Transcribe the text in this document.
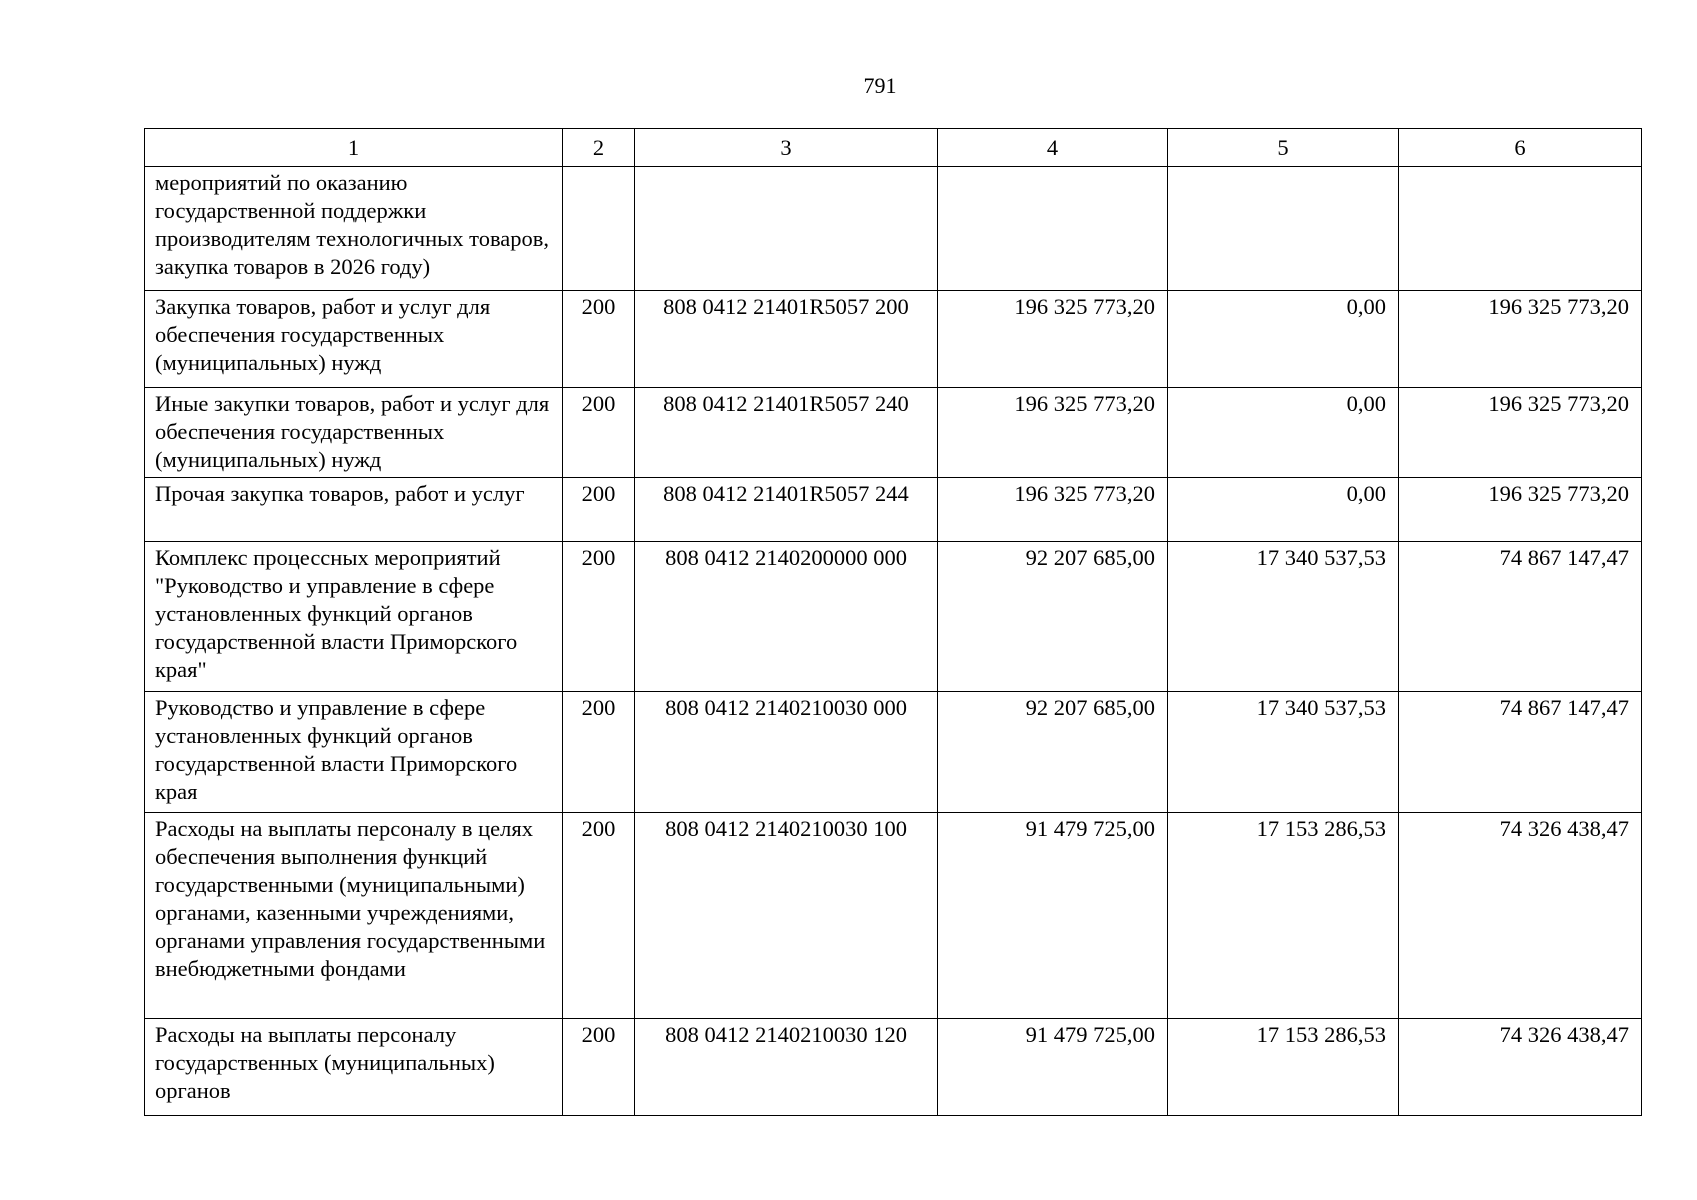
791
1	2	3	4	5	6
мероприятий по оказанию государственной поддержки производителям технологичных товаров, закупка товаров в 2026 году)					
Закупка товаров, работ и услуг для обеспечения государственных (муниципальных) нужд	200	808 0412 21401R5057 200	196 325 773,20	0,00	196 325 773,20
Иные закупки товаров, работ и услуг для обеспечения государственных (муниципальных) нужд	200	808 0412 21401R5057 240	196 325 773,20	0,00	196 325 773,20
Прочая закупка товаров, работ и услуг	200	808 0412 21401R5057 244	196 325 773,20	0,00	196 325 773,20
Комплекс процессных мероприятий "Руководство и управление в сфере установленных функций органов государственной власти Приморского края"	200	808 0412 2140200000 000	92 207 685,00	17 340 537,53	74 867 147,47
Руководство и управление в сфере установленных функций органов государственной власти Приморского края	200	808 0412 2140210030 000	92 207 685,00	17 340 537,53	74 867 147,47
Расходы на выплаты персоналу в целях обеспечения выполнения функций государственными (муниципальными) органами, казенными учреждениями, органами управления государственными внебюджетными фондами	200	808 0412 2140210030 100	91 479 725,00	17 153 286,53	74 326 438,47
Расходы на выплаты персоналу государственных (муниципальных) органов	200	808 0412 2140210030 120	91 479 725,00	17 153 286,53	74 326 438,47
